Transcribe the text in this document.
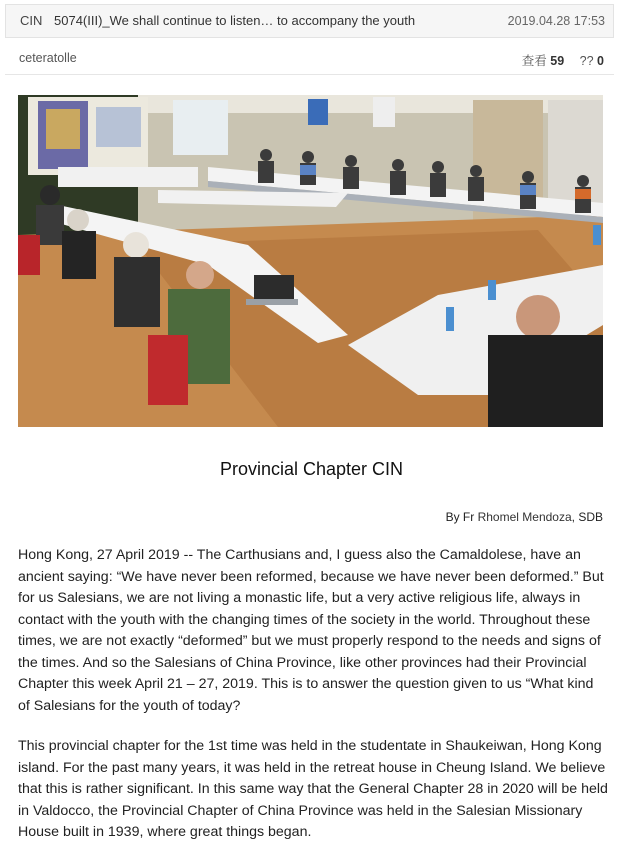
CIN 5074(III)_We shall continue to listen… to accompany the youth	2019.04.28 17:53
ceteratolle	查看 59 ?? 0
Provincial Chapter CIN
By Fr Rhomel Mendoza, SDB

Hong Kong, 27 April 2019 -- The Carthusians and, I guess also the Camaldolese, have an ancient saying: “We have never been reformed, because we have never been deformed.” But for us Salesians, we are not living a monastic life, but a very active religious life, always in contact with the youth with the changing times of the society in the world. Throughout these times, we are not exactly “deformed” but we must properly respond to the needs and signs of the times. And so the Salesians of China Province, like other provinces had their Provincial Chapter this week April 21 – 27, 2019. This is to answer the question given to us “What kind of Salesians for the youth of today?

This provincial chapter for the 1st time was held in the studentate in Shaukeiwan, Hong Kong island. For the past many years, it was held in the retreat house in Cheung Island. We believe that this is rather significant. In this same way that the General Chapter 28 in 2020 will be held in Valdocco, the Provincial Chapter of China Province was held in the Salesian Missionary House built in 1939, where great things began.
